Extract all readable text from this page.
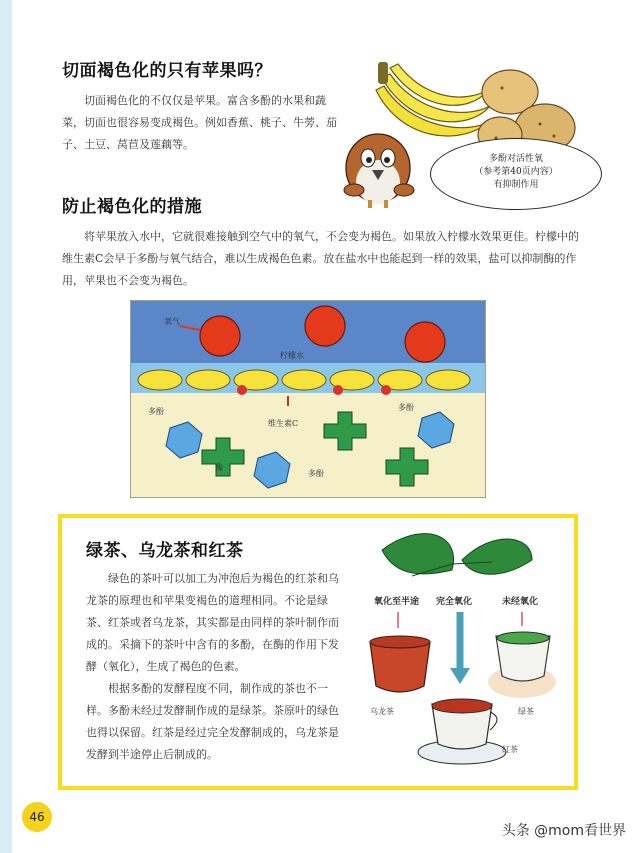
切面褐色化的只有苹果吗？

切面褐色化的不仅仅是苹果。富含多酚的水果和蔬菜，切面也很容易变成褐色。例如香蕉、桃子、牛蒡、茄子、土豆、莴苣及莲藕等。

多酚对活性氧
（参考第40页内容）
有抑制作用
防止褐色化的措施

将苹果放入水中，它就很难接触到空气中的氧气，不会变为褐色。如果放入柠檬水效果更佳。柠檬中的维生素C会早于多酚与氧气结合，难以生成褐色色素。放在盐水中也能起到一样的效果，盐可以抑制酶的作用，苹果也不会变为褐色。

氧气
柠檬水
多酚	多酚
维生素C
酶
多酚
绿茶、乌龙茶和红茶

绿色的茶叶可以加工为冲泡后为褐色的红茶和乌龙茶的原理也和苹果变褐色的道理相同。不论是绿茶、红茶或者乌龙茶，其实都是由同样的茶叶制作而成的。采摘下的茶叶中含有的多酚，在酶的作用下发酵（氧化），生成了褐色的色素。

根据多酚的发酵程度不同，制作成的茶也不一样。多酚未经过发酵制作成的是绿茶。茶原叶的绿色也得以保留。红茶是经过完全发酵制成的，乌龙茶是发酵到半途停止后制成的。

氧化至半途 完全氧化	未经氧化
乌龙茶	绿茶
红茶
46
头条 @mom看世界
